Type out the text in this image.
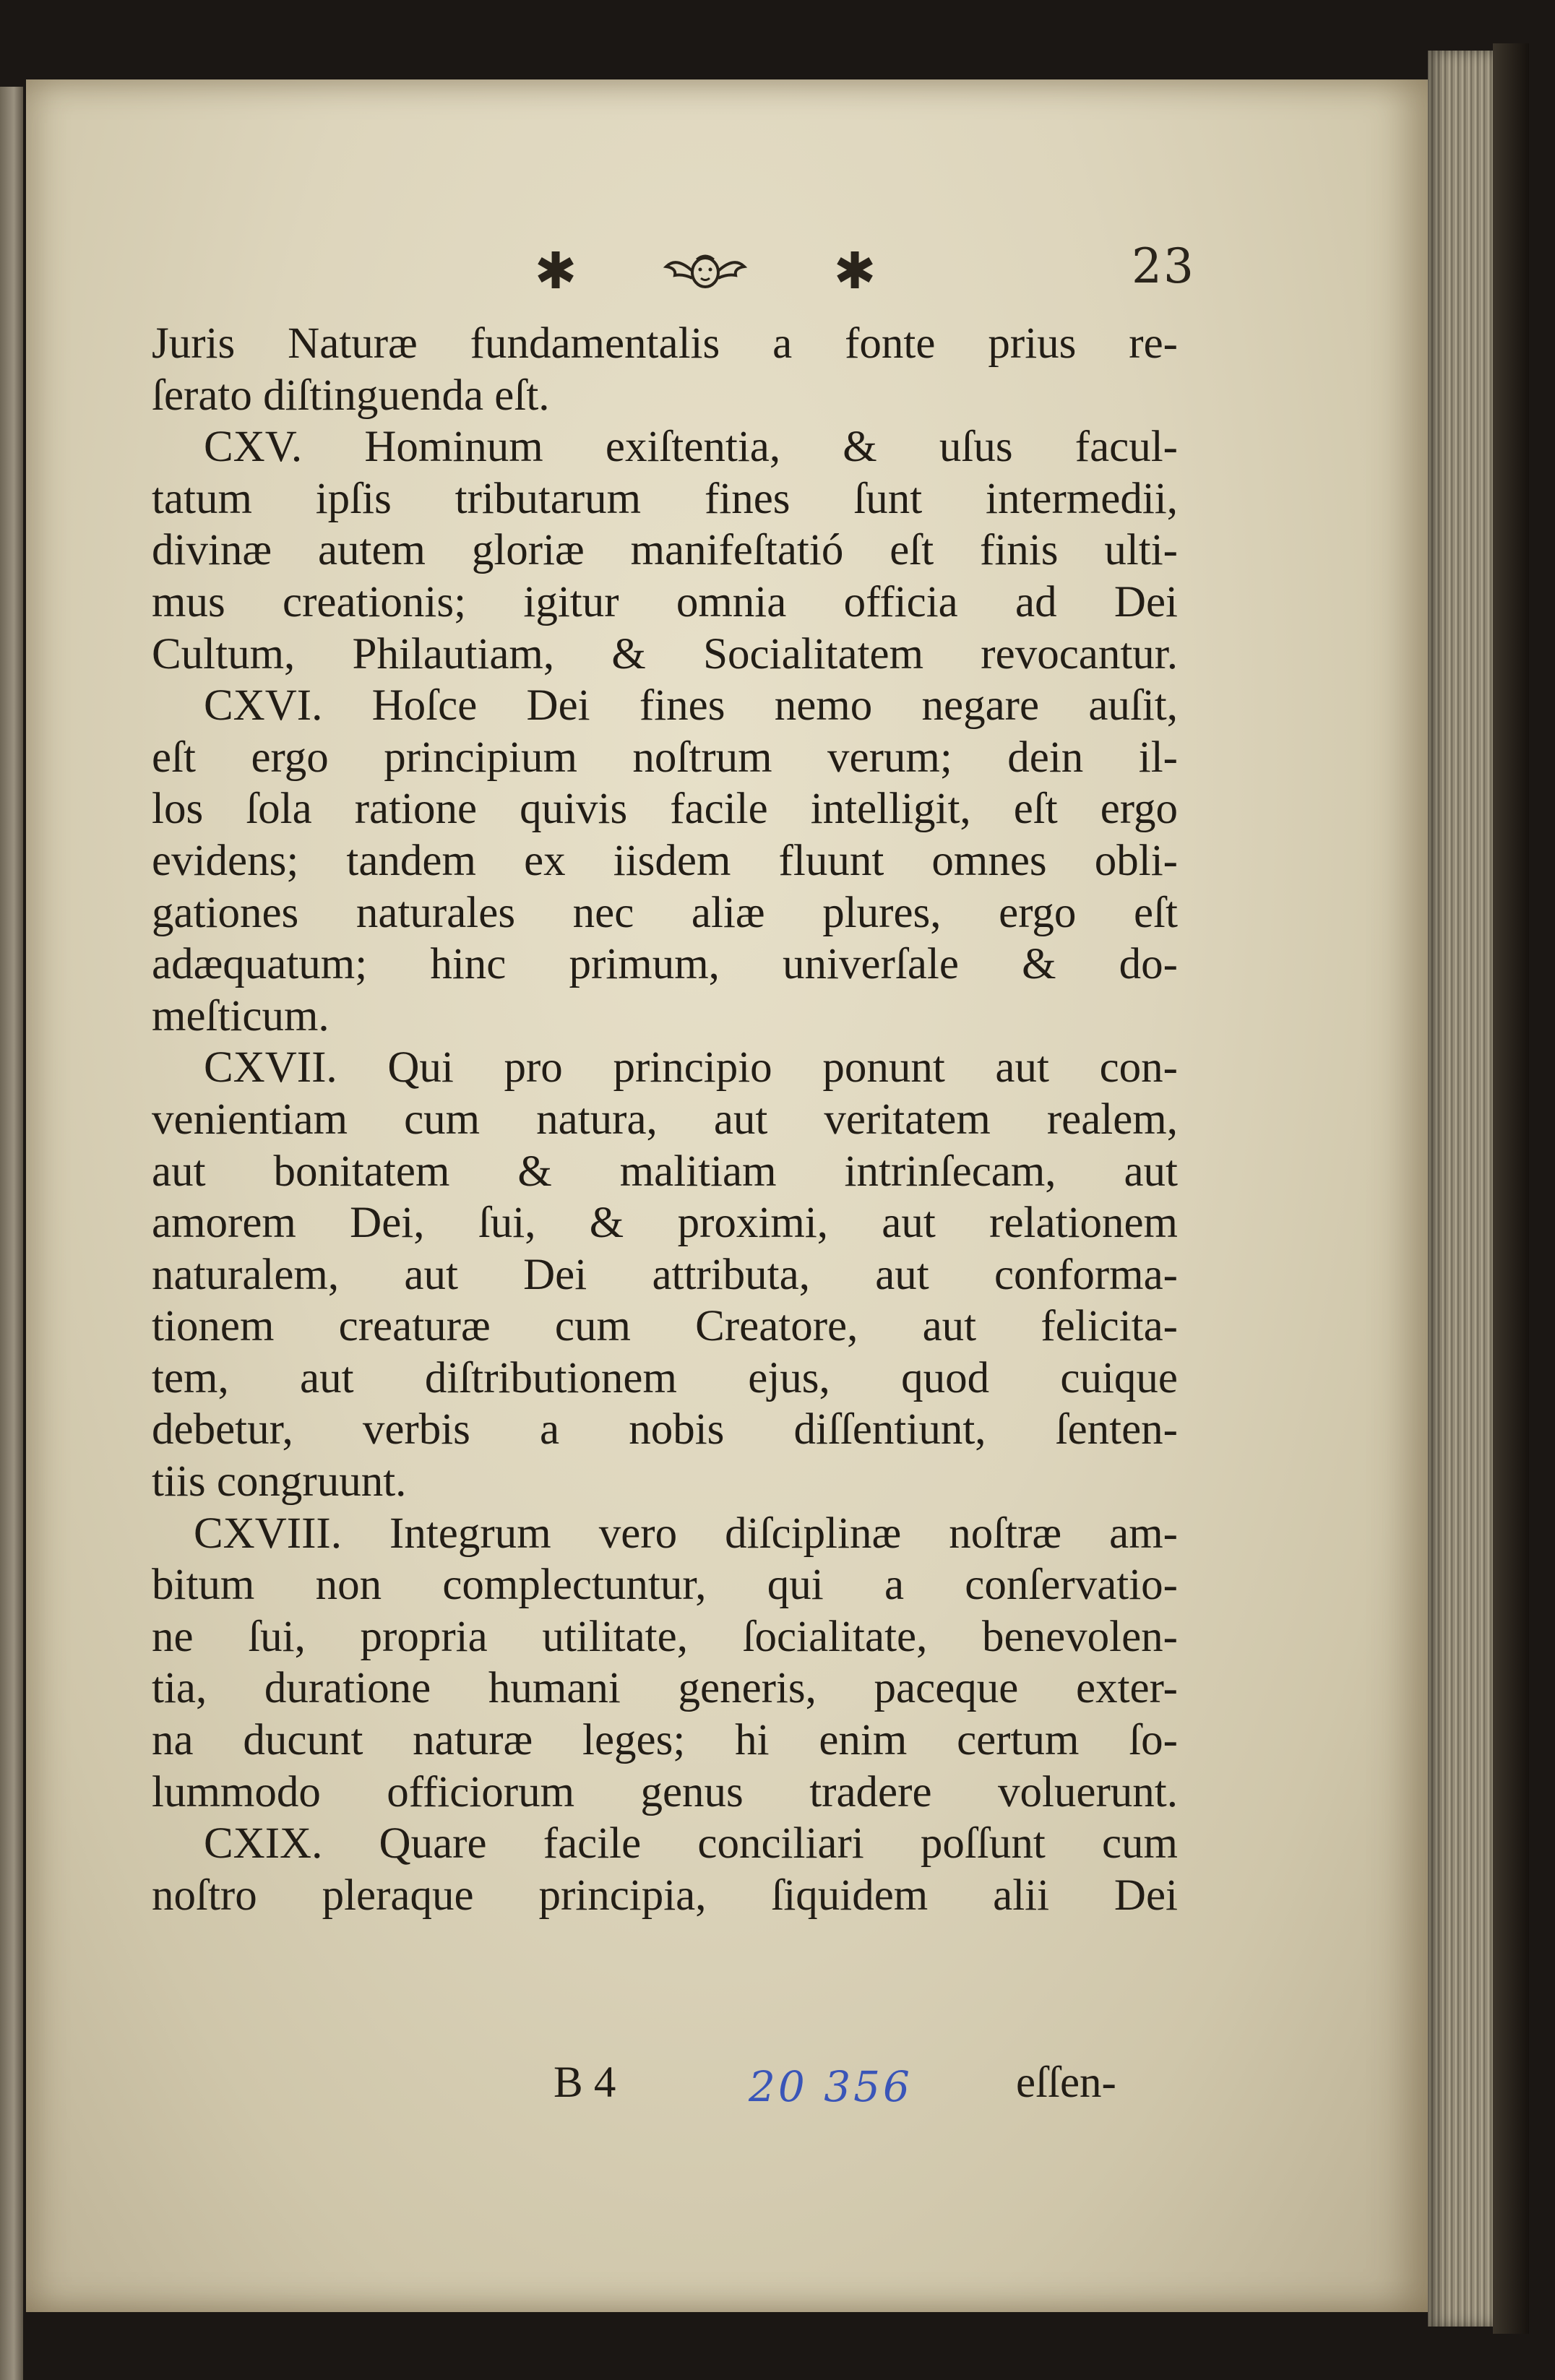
✱	✱	23
Juris Naturæ fundamentalis a fonte prius re-
ſerato diſtinguenda eſt.
CXV. Hominum exiſtentia, & uſus facul-
tatum ipſis tributarum fines ſunt intermedii,
divinæ autem gloriæ manifeſtatió eſt finis ulti-
mus creationis; igitur omnia officia ad Dei
Cultum, Philautiam, & Socialitatem revocantur.
CXVI. Hoſce Dei fines nemo negare auſit,
eſt ergo principium noſtrum verum; dein il-
los ſola ratione quivis facile intelligit, eſt ergo
evidens; tandem ex iisdem fluunt omnes obli-
gationes naturales nec aliæ plures, ergo eſt
adæquatum; hinc primum, univerſale & do-
meſticum.
CXVII. Qui pro principio ponunt aut con-
venientiam cum natura, aut veritatem realem,
aut bonitatem & malitiam intrinſecam, aut
amorem Dei, ſui, & proximi, aut relationem
naturalem, aut Dei attributa, aut conforma-
tionem creaturæ cum Creatore, aut felicita-
tem, aut diſtributionem ejus, quod cuique
debetur, verbis a nobis diſſentiunt, ſenten-
tiis congruunt.
CXVIII. Integrum vero diſciplinæ noſtræ am-
bitum non complectuntur, qui a conſervatio-
ne ſui, propria utilitate, ſocialitate, benevolen-
tia, duratione humani generis, paceque exter-
na ducunt naturæ leges; hi enim certum ſo-
lummodo officiorum genus tradere voluerunt.
CXIX. Quare facile conciliari poſſunt cum
noſtro pleraque principia, ſiquidem alii Dei
B 4	20 356 eſſen-
